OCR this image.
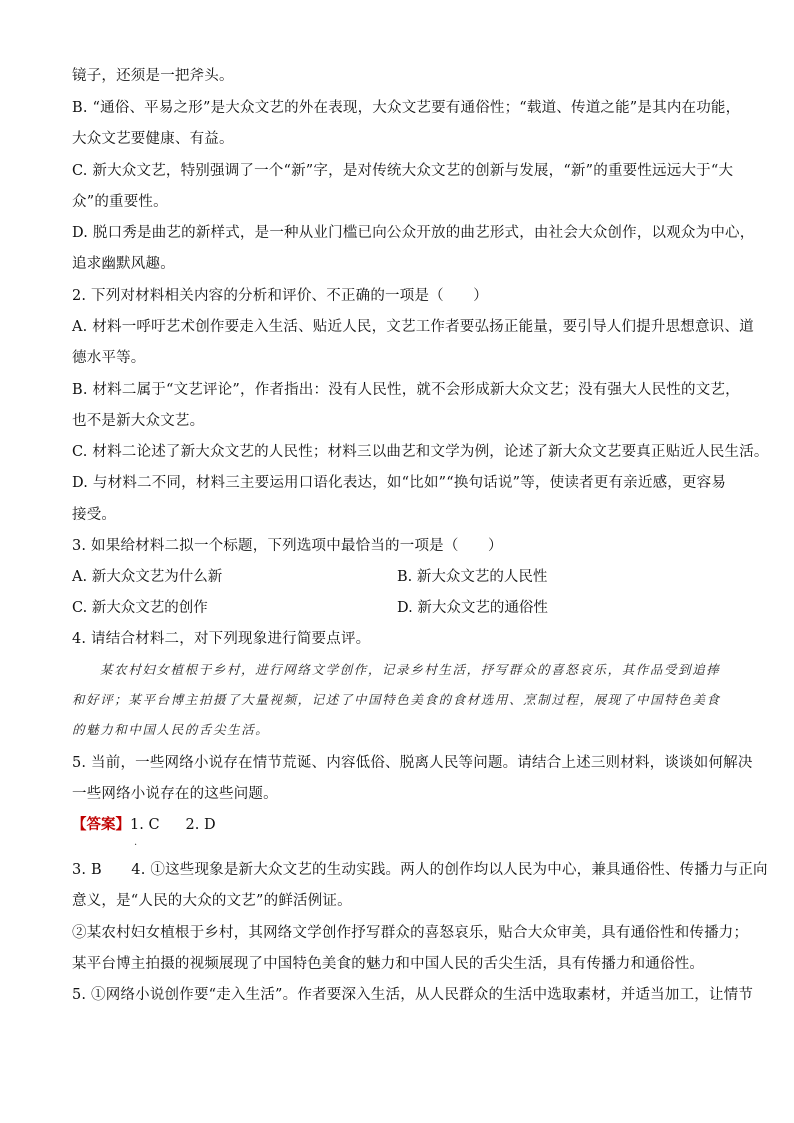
镜子，还须是一把斧头。
B. “通俗、平易之形”是大众文艺的外在表现，大众文艺要有通俗性；“载道、传道之能”是其内在功能，
大众文艺要健康、有益。
C. 新大众文艺，特别强调了一个“新”字，是对传统大众文艺的创新与发展，“新”的重要性远远大于“大
众”的重要性。
D. 脱口秀是曲艺的新样式，是一种从业门槛已向公众开放的曲艺形式，由社会大众创作，以观众为中心，
追求幽默风趣。
2. 下列对材料相关内容的分析和评价、不正确的一项是（　　）
A. 材料一呼吁艺术创作要走入生活、贴近人民，文艺工作者要弘扬正能量，要引导人们提升思想意识、道
德水平等。
B. 材料二属于“文艺评论”，作者指出：没有人民性，就不会形成新大众文艺；没有强大人民性的文艺，
也不是新大众文艺。
C. 材料二论述了新大众文艺的人民性；材料三以曲艺和文学为例，论述了新大众文艺要真正贴近人民生活。
D. 与材料二不同，材料三主要运用口语化表达，如“比如”“换句话说”等，使读者更有亲近感，更容易
接受。
3. 如果给材料二拟一个标题，下列选项中最恰当的一项是（　　）
A. 新大众文艺为什么新	B. 新大众文艺的人民性
C. 新大众文艺的创作	D. 新大众文艺的通俗性
4. 请结合材料二，对下列现象进行简要点评。
某农村妇女植根于乡村，进行网络文学创作，记录乡村生活，抒写群众的喜怒哀乐，其作品受到追捧
和好评；某平台博主拍摄了大量视频，记述了中国特色美食的食材选用、烹制过程，展现了中国特色美食
的魅力和中国人民的舌尖生活。
5. 当前，一些网络小说存在情节荒诞、内容低俗、脱离人民等问题。请结合上述三则材料，谈谈如何解决
一些网络小说存在的这些问题。
【答案】1. C 2. D
·
3. B　　4. ①这些现象是新大众文艺的生动实践。两人的创作均以人民为中心，兼具通俗性、传播力与正向
意义，是“人民的大众的文艺”的鲜活例证。
②某农村妇女植根于乡村，其网络文学创作抒写群众的喜怒哀乐，贴合大众审美，具有通俗性和传播力；
某平台博主拍摄的视频展现了中国特色美食的魅力和中国人民的舌尖生活，具有传播力和通俗性。
5. ①网络小说创作要“走入生活”。作者要深入生活，从人民群众的生活中选取素材，并适当加工，让情节
